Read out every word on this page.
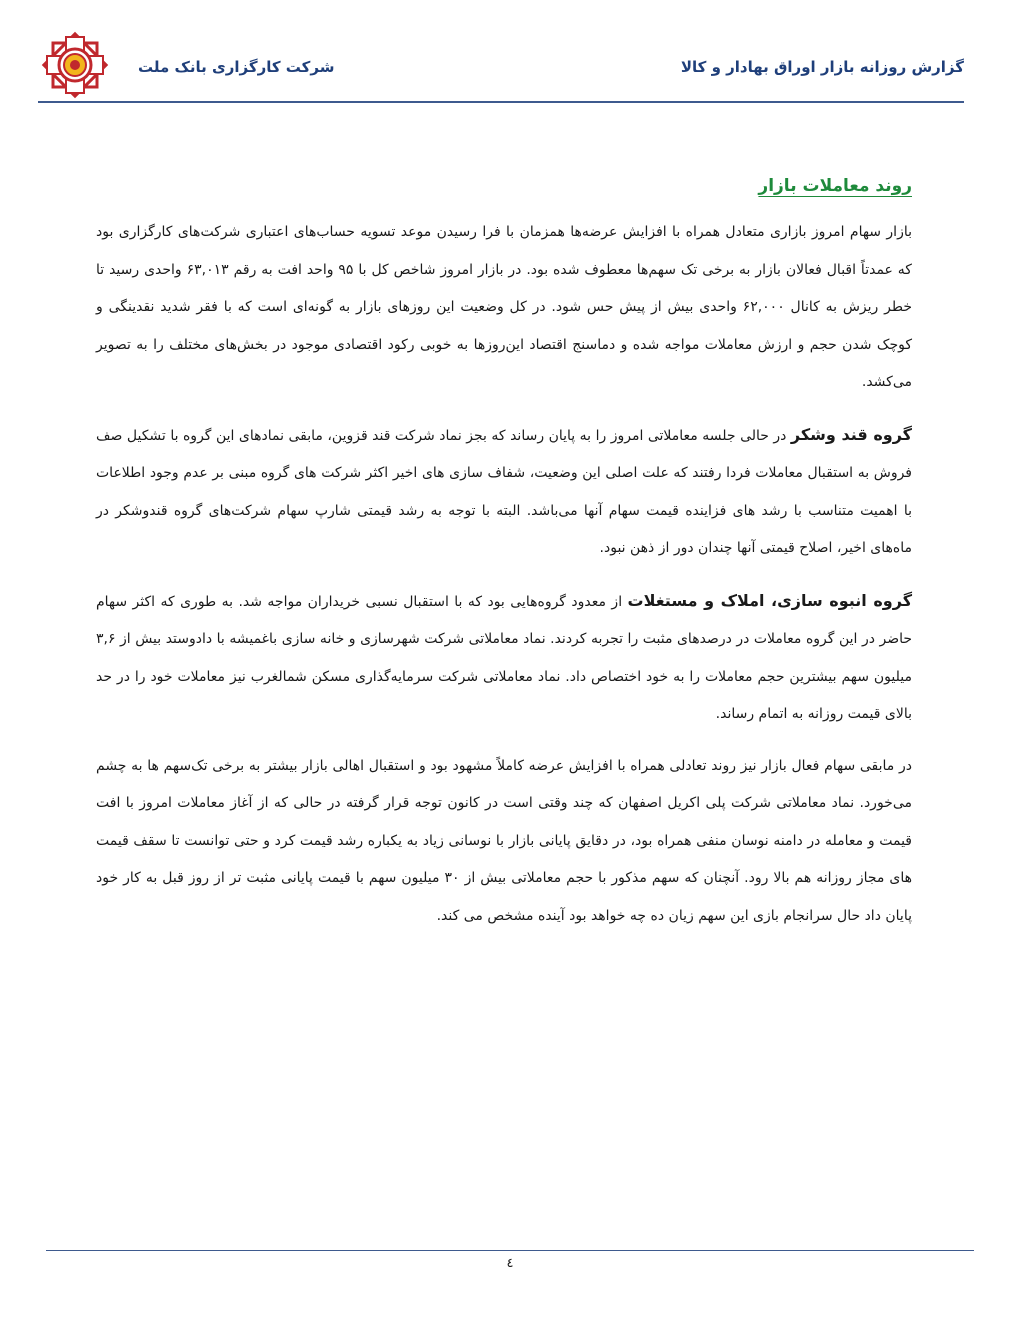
گزارش روزانه بازار اوراق بهادار و کالا
شرکت کارگزاری بانک ملت
روند معاملات بازار

بازار سهام امروز بازاری متعادل همراه با افزایش عرضه‌ها همزمان با فرا رسیدن موعد تسویه حساب‌های اعتباری شرکت‌های کارگزاری بود که عمدتاً اقبال فعالان بازار به برخی تک سهم‌ها معطوف شده بود. در بازار امروز شاخص کل با ۹۵ واحد افت به رقم ۶۳,۰۱۳ واحدی رسید تا خطر ریزش به کانال ۶۲,۰۰۰ واحدی بیش از پیش حس شود. در کل وضعیت این روزهای بازار به گونه‌ای است که با فقر شدید نقدینگی و کوچک شدن حجم و ارزش معاملات مواجه شده و دماسنج اقتصاد این‌روزها به خوبی رکود اقتصادی موجود در بخش‌های مختلف را به تصویر می‌کشد.

گروه قند وشکر در حالی جلسه معاملاتی امروز را به پایان رساند که بجز نماد شرکت قند قزوین، مابقی نمادهای این گروه با تشکیل صف فروش به استقبال معاملات فردا رفتند که علت اصلی این وضعیت، شفاف سازی های اخیر اکثر شرکت های گروه مبنی بر عدم وجود اطلاعات با اهمیت متناسب با رشد های فزاینده قیمت سهام آنها می‌باشد. البته با توجه به رشد قیمتی شارپ سهام شرکت‌های گروه قندوشکر در ماه‌های اخیر، اصلاح قیمتی آنها چندان دور از ذهن نبود.

گروه انبوه سازی، املاک و مستغلات از معدود گروه‌هایی بود که با استقبال نسبی خریداران مواجه شد. به طوری که اکثر سهام حاضر در این گروه معاملات در درصدهای مثبت را تجربه کردند. نماد معاملاتی شرکت شهرسازی و خانه سازی باغمیشه با دادوستد بیش از ۳,۶ میلیون سهم بیشترین حجم معاملات را به خود اختصاص داد. نماد معاملاتی شرکت سرمایه‌گذاری مسکن شمالغرب نیز معاملات خود را در حد بالای قیمت روزانه به اتمام رساند.

در مابقی سهام فعال بازار نیز روند تعادلی همراه با افزایش عرضه کاملاً مشهود بود و استقبال اهالی بازار بیشتر به برخی تک‌سهم ها به چشم می‌خورد. نماد معاملاتی شرکت پلی اکریل اصفهان که چند وقتی است در کانون توجه قرار گرفته در حالی که از آغاز معاملات امروز با افت قیمت و معامله در دامنه نوسان منفی همراه بود، در دقایق پایانی بازار با نوسانی زیاد به یکباره رشد قیمت کرد و حتی توانست تا سقف قیمت های مجاز روزانه هم بالا رود. آنچنان که سهم مذکور با حجم معاملاتی بیش از ۳۰ میلیون سهم با قیمت پایانی مثبت تر از روز قبل به کار خود پایان داد حال سرانجام بازی این سهم زیان ده چه خواهد بود آینده مشخص می کند.

٤
